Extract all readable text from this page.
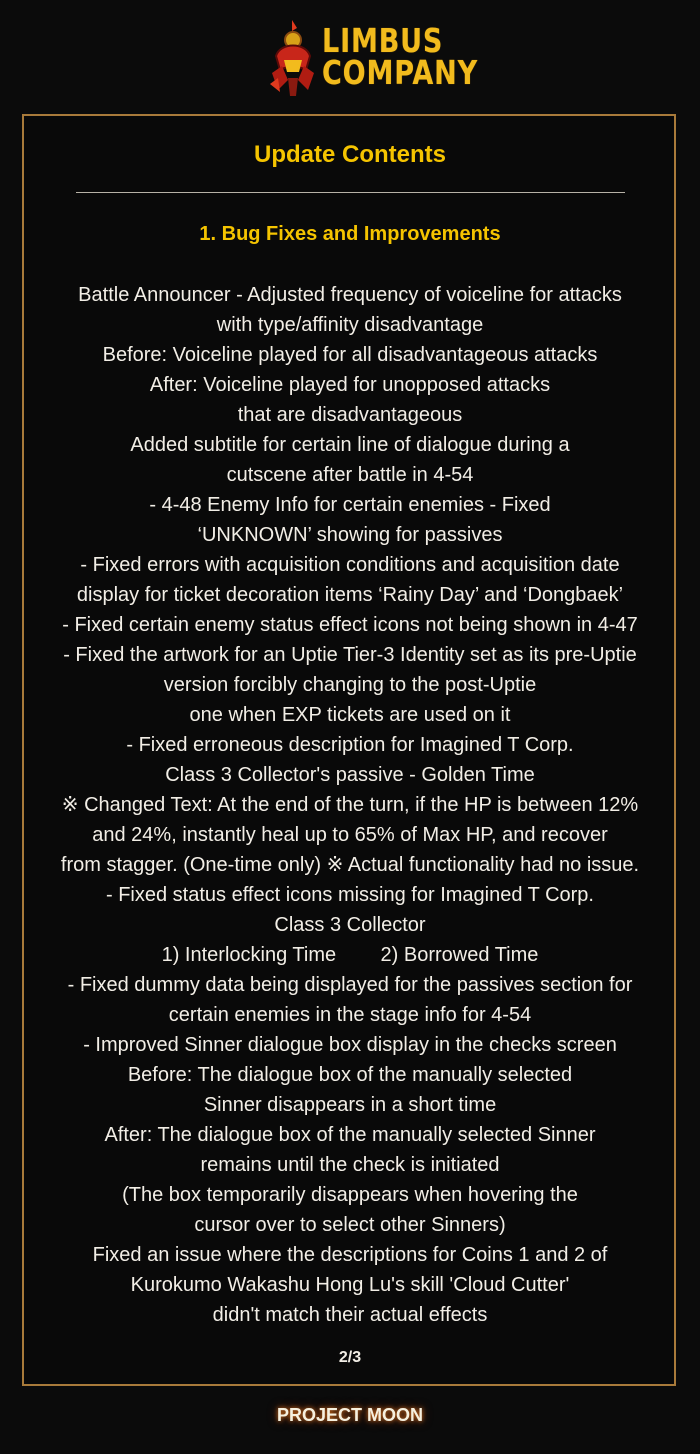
LIMBUS
COMPANY
Update Contents
1. Bug Fixes and Improvements
Battle Announcer - Adjusted frequency of voiceline for attacks
with type/affinity disadvantage
Before: Voiceline played for all disadvantageous attacks
After: Voiceline played for unopposed attacks
that are disadvantageous
Added subtitle for certain line of dialogue during a
cutscene after battle in 4-54
- 4-48 Enemy Info for certain enemies - Fixed
‘UNKNOWN’ showing for passives
- Fixed errors with acquisition conditions and acquisition date
display for ticket decoration items ‘Rainy Day’ and ‘Dongbaek’
- Fixed certain enemy status effect icons not being shown in 4-47
- Fixed the artwork for an Uptie Tier-3 Identity set as its pre-Uptie
version forcibly changing to the post-Uptie
one when EXP tickets are used on it
- Fixed erroneous description for Imagined T Corp.
Class 3 Collector's passive - Golden Time
※ Changed Text: At the end of the turn, if the HP is between 12%
and 24%, instantly heal up to 65% of Max HP, and recover
from stagger. (One-time only) ※ Actual functionality had no issue.
- Fixed status effect icons missing for Imagined T Corp.
Class 3 Collector
1) Interlocking Time        2) Borrowed Time
- Fixed dummy data being displayed for the passives section for
certain enemies in the stage info for 4-54
- Improved Sinner dialogue box display in the checks screen
Before: The dialogue box of the manually selected
Sinner disappears in a short time
After: The dialogue box of the manually selected Sinner
remains until the check is initiated
(The box temporarily disappears when hovering the
cursor over to select other Sinners)
Fixed an issue where the descriptions for Coins 1 and 2 of
Kurokumo Wakashu Hong Lu's skill 'Cloud Cutter'
didn't match their actual effects
2/3
PROJECT MOON
